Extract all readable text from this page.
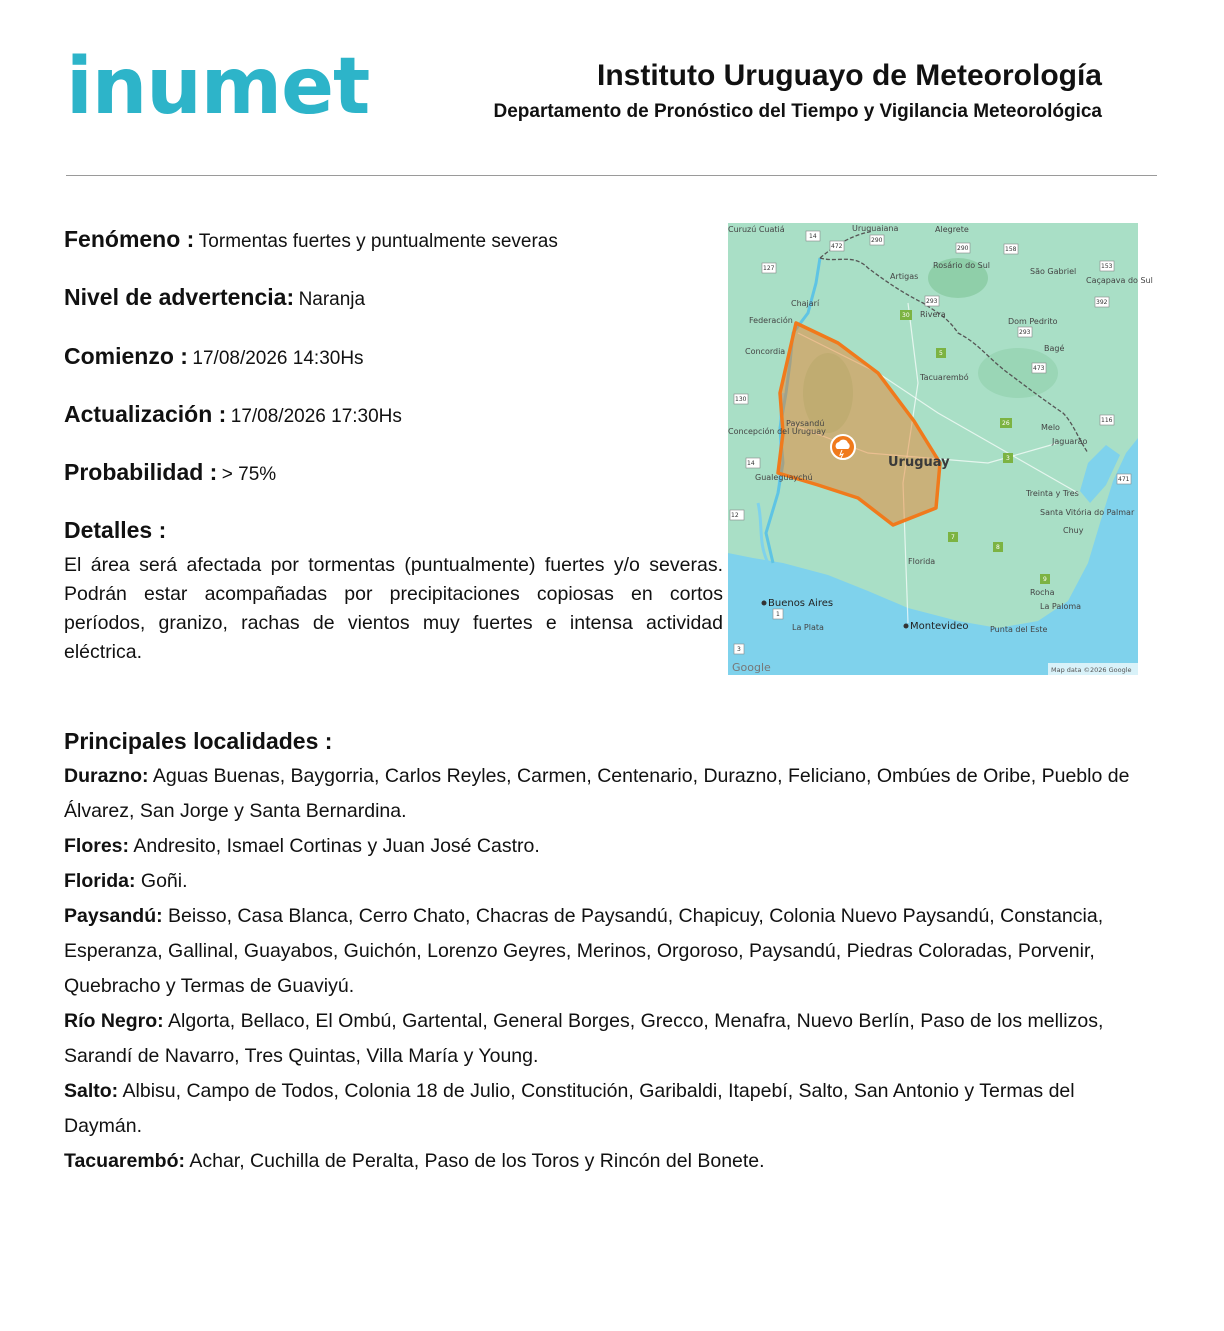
inumet	Instituto Uruguayo de Meteorología
Departamento de Pronóstico del Tiempo y Vigilancia Meteorológica
Fenómeno : Tormentas fuertes y puntualmente severas
Nivel de advertencia: Naranja
Comienzo : 17/08/2026 14:30Hs
Actualización : 17/08/2026 17:30Hs
Probabilidad : > 75%
Detalles :
El área será afectada por tormentas (puntualmente) fuertes y/o severas. Podrán estar acompañadas por precipitaciones copiosas en cortos períodos, granizo, rachas de vientos muy fuertes e intensa actividad eléctrica.
Curuzú Cuatiá	Uruguaiana	Alegrete
Rosário do Sul
São Gabriel
Caçapava do Sul
Artigas
Chajarí
Federación
Rivera
Dom Pedrito
Concordia	Bagé
Tacuarembó
Paysandú
Concepción del Uruguay	Melo
Jaguarão
Uruguay
Gualeguaychú
Treinta y Tres
Santa Vitória do Palmar
Chuy
Florida
Buenos Aires
Rocha
La Paloma
La Plata	Montevideo	Punta del Este
Google	Map data ©2026 Google
14
472
290
127
290	158
153
392
293
30
293
5
473
130
26	116
3
14
471
12
7
8
9
1
3
Principales localidades :

Durazno: Aguas Buenas, Baygorria, Carlos Reyles, Carmen, Centenario, Durazno, Feliciano, Ombúes de Oribe, Pueblo de Álvarez, San Jorge y Santa Bernardina.

Flores: Andresito, Ismael Cortinas y Juan José Castro.

Florida: Goñi.

Paysandú: Beisso, Casa Blanca, Cerro Chato, Chacras de Paysandú, Chapicuy, Colonia Nuevo Paysandú, Constancia, Esperanza, Gallinal, Guayabos, Guichón, Lorenzo Geyres, Merinos, Orgoroso, Paysandú, Piedras Coloradas, Porvenir, Quebracho y Termas de Guaviyú.

Río Negro: Algorta, Bellaco, El Ombú, Gartental, General Borges, Grecco, Menafra, Nuevo Berlín, Paso de los mellizos, Sarandí de Navarro, Tres Quintas, Villa María y Young.

Salto: Albisu, Campo de Todos, Colonia 18 de Julio, Constitución, Garibaldi, Itapebí, Salto, San Antonio y Termas del Daymán.

Tacuarembó: Achar, Cuchilla de Peralta, Paso de los Toros y Rincón del Bonete.
